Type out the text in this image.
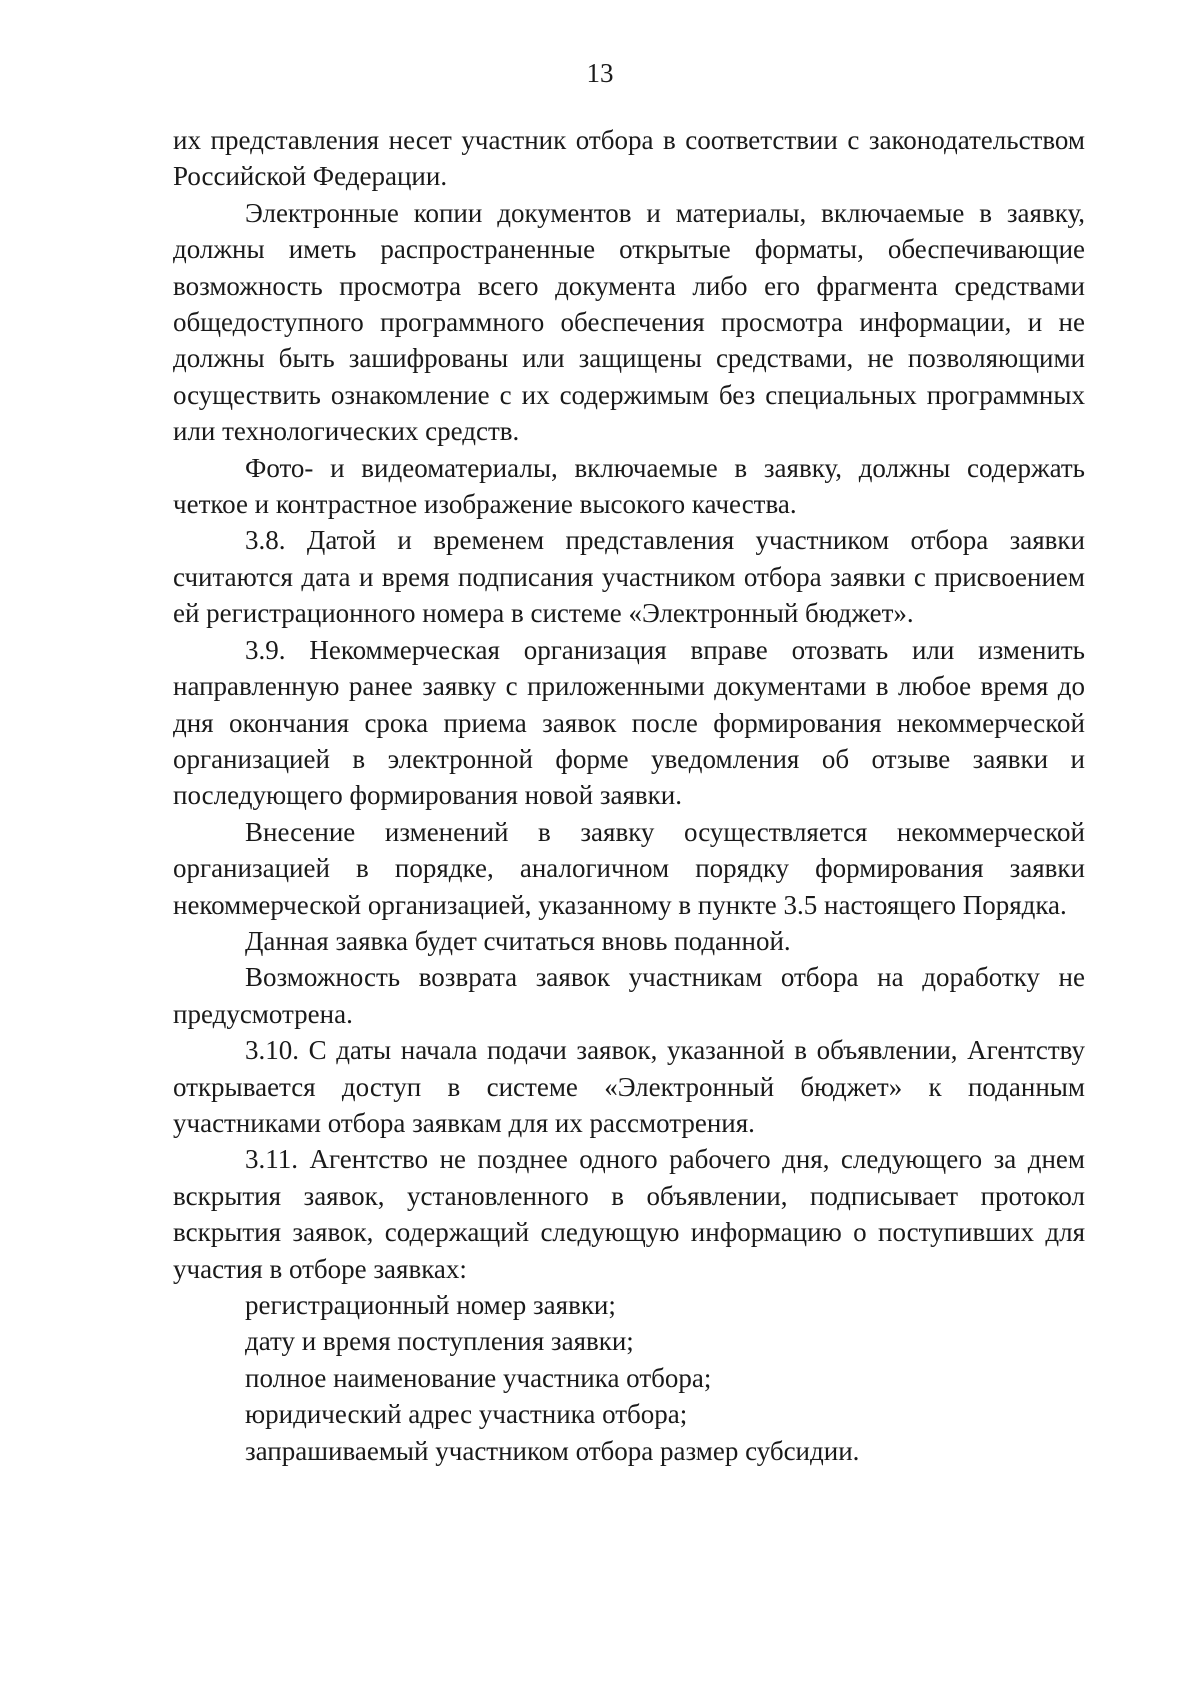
13

их представления несет участник отбора в соответствии с законодательством Российской Федерации.

Электронные копии документов и материалы, включаемые в заявку, должны иметь распространенные открытые форматы, обеспечивающие возможность просмотра всего документа либо его фрагмента средствами общедоступного программного обеспечения просмотра информации, и не должны быть зашифрованы или защищены средствами, не позволяющими осуществить ознакомление с их содержимым без специальных программных или технологических средств.

Фото- и видеоматериалы, включаемые в заявку, должны содержать четкое и контрастное изображение высокого качества.

3.8. Датой и временем представления участником отбора заявки считаются дата и время подписания участником отбора заявки с присвоением ей регистрационного номера в системе «Электронный бюджет».

3.9. Некоммерческая организация вправе отозвать или изменить направленную ранее заявку с приложенными документами в любое время до дня окончания срока приема заявок после формирования некоммерческой организацией в электронной форме уведомления об отзыве заявки и последующего формирования новой заявки.

Внесение изменений в заявку осуществляется некоммерческой организацией в порядке, аналогичном порядку формирования заявки некоммерческой организацией, указанному в пункте 3.5 настоящего Порядка.

Данная заявка будет считаться вновь поданной.

Возможность возврата заявок участникам отбора на доработку не предусмотрена.

3.10. С даты начала подачи заявок, указанной в объявлении, Агентству открывается доступ в системе «Электронный бюджет» к поданным участниками отбора заявкам для их рассмотрения.

3.11. Агентство не позднее одного рабочего дня, следующего за днем вскрытия заявок, установленного в объявлении, подписывает протокол вскрытия заявок, содержащий следующую информацию о поступивших для участия в отборе заявках:

регистрационный номер заявки;

дату и время поступления заявки;

полное наименование участника отбора;

юридический адрес участника отбора;

запрашиваемый участником отбора размер субсидии.
